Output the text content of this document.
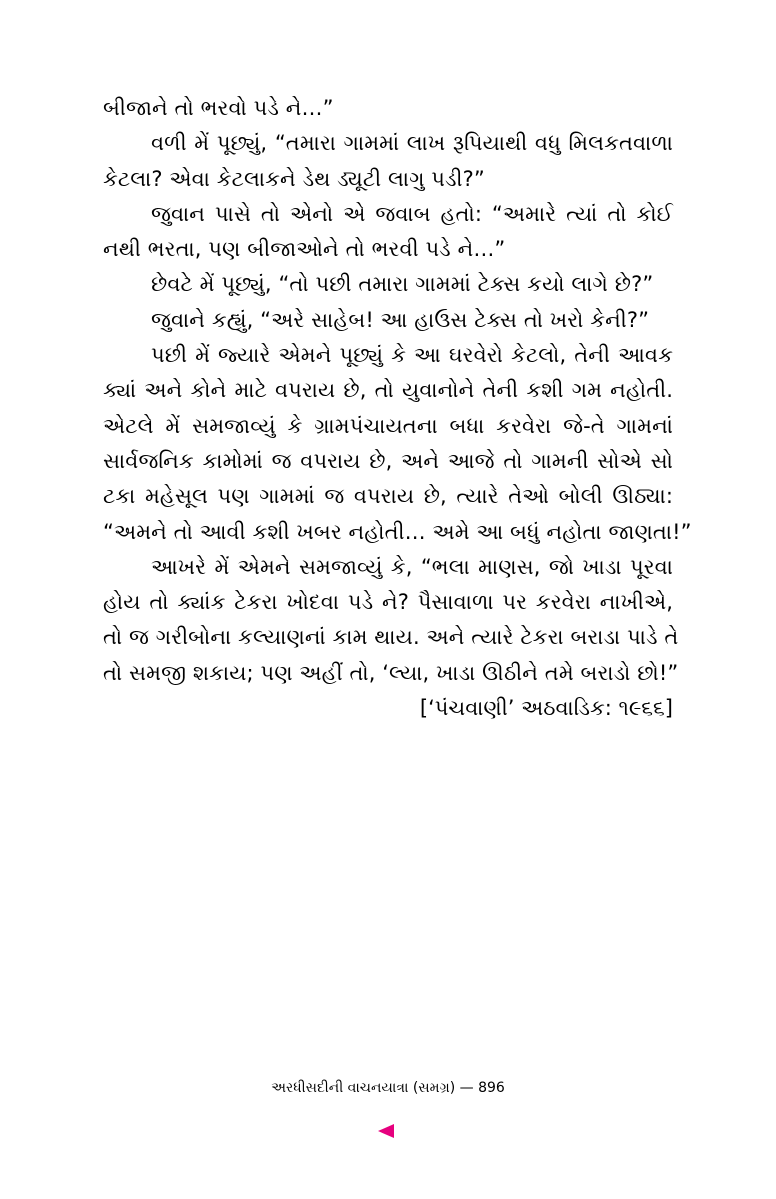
બીજાને તો ભરવો પડે ને…”
વળી મેં પૂછ્યું, “તમારા ગામમાં લાખ રૂપિયાથી વધુ મિલકતવાળા
કેટલા? એવા કેટલાકને ડેથ ડ્યૂટી લાગુ પડી?”
જુવાન પાસે તો એનો એ જવાબ હતો: “અમારે ત્યાં તો કોઈ
નથી ભરતા, પણ બીજાઓને તો ભરવી પડે ને…”
છેવટે મેં પૂછ્યું, “તો પછી તમારા ગામમાં ટેક્સ કયો લાગે છે?”
જુવાને કહ્યું, “અરે સાહેબ! આ હાઉસ ટેક્સ તો ખરો કેની?”
પછી મેં જ્યારે એમને પૂછ્યું કે આ ઘરવેરો કેટલો, તેની આવક
ક્યાં અને કોને માટે વપરાય છે, તો યુવાનોને તેની કશી ગમ નહોતી.
એટલે મેં સમજાવ્યું કે ગ્રામપંચાયતના બધા કરવેરા જે-તે ગામનાં
સાર્વજનિક કામોમાં જ વપરાય છે, અને આજે તો ગામની સોએ સો
ટકા મહેસૂલ પણ ગામમાં જ વપરાય છે, ત્યારે તેઓ બોલી ઊઠ્યા:
“અમને તો આવી કશી ખબર નહોતી… અમે આ બધું નહોતા જાણતા!”
આખરે મેં એમને સમજાવ્યું કે, “ભલા માણસ, જો ખાડા પૂરવા
હોય તો ક્યાંક ટેકરા ખોદવા પડે ને? પૈસાવાળા પર કરવેરા નાખીએ,
તો જ ગરીબોના કલ્યાણનાં કામ થાય. અને ત્યારે ટેકરા બરાડા પાડે તે
તો સમજી શકાય; પણ અહીં તો, ‘લ્યા, ખાડા ઊઠીને તમે બરાડો છો!”
[‘પંચવાણી’ અઠવાડિક: ૧૯૬૬]
અરધીસદીની વાચનયાત્રા (સમગ્ર) — 896
